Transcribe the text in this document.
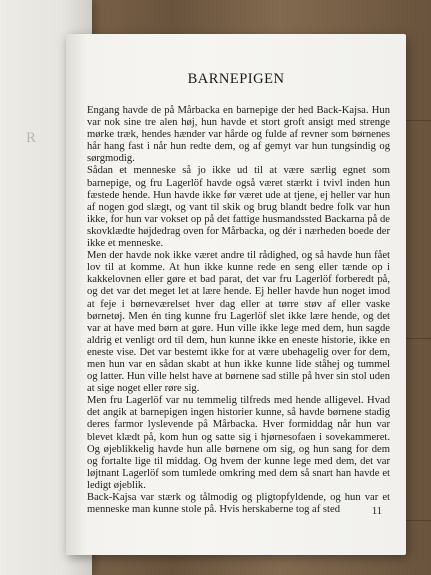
R
BARNEPIGEN

Engang havde de på Mårbacka en barnepige der hed Back-Kajsa. Hun var nok sine tre alen høj, hun havde et stort groft ansigt med strenge mørke træk, hendes hænder var hårde og fulde af revner som børnenes hår hang fast i når hun redte dem, og af gemyt var hun tungsindig og sørgmodig.

Sådan et menneske så jo ikke ud til at være særlig egnet som barnepige, og fru Lagerlöf havde også været stærkt i tvivl inden hun fæstede hende. Hun havde ikke før været ude at tjene, ej heller var hun af nogen god slægt, og vant til skik og brug blandt bedre folk var hun ikke, for hun var vokset op på det fattige husmandssted Backarna på de skovklædte højdedrag oven for Mårbacka, og dér i nærheden boede der ikke et menneske.

Men der havde nok ikke været andre til rådighed, og så havde hun fået lov til at komme. At hun ikke kunne rede en seng eller tænde op i kakkelovnen eller gøre et bad parat, det var fru Lagerlöf forberedt på, og det var det meget let at lære hende. Ej heller havde hun noget imod at feje i børneværelset hver dag eller at tørre støv af eller vaske børnetøj. Men én ting kunne fru Lagerlöf slet ikke lære hende, og det var at have med børn at gøre. Hun ville ikke lege med dem, hun sagde aldrig et venligt ord til dem, hun kunne ikke en eneste historie, ikke en eneste vise. Det var bestemt ikke for at være ubehagelig over for dem, men hun var en sådan skabt at hun ikke kunne lide ståhej og tummel og latter. Hun ville helst have at børnene sad stille på hver sin stol uden at sige noget eller røre sig.

Men fru Lagerlöf var nu temmelig tilfreds med hende alligevel. Hvad det angik at barnepigen ingen historier kunne, så havde børnene stadig deres farmor lyslevende på Mårbacka. Hver formiddag når hun var blevet klædt på, kom hun og satte sig i hjørnesofaen i sovekammeret. Og øjeblikkelig havde hun alle børnene om sig, og hun sang for dem og fortalte lige til middag. Og hvem der kunne lege med dem, det var løjtnant Lagerlöf som tumlede omkring med dem så snart han havde et ledigt øjeblik.

Back-Kajsa var stærk og tålmodig og pligtopfyldende, og hun var et menneske man kunne stole på. Hvis herskaberne tog af sted	11
